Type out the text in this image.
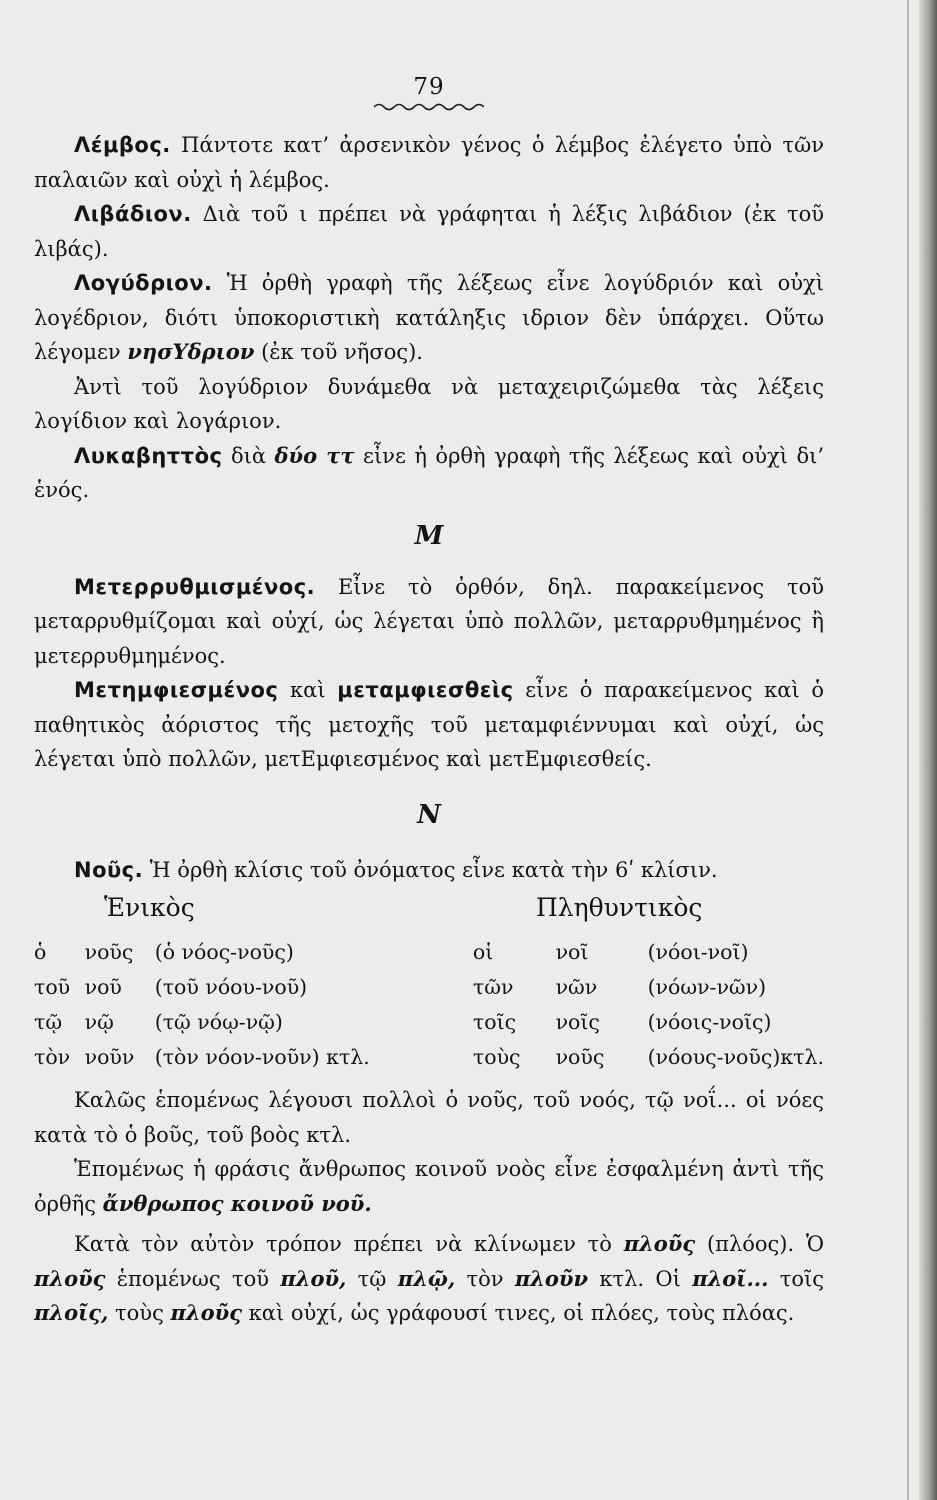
79

Λέμβος. Πάντοτε κατ’ ἀρσενικὸν γένος ὁ λέμβος ἐλέγετο ὑπὸ τῶν παλαιῶν καὶ οὐχὶ ἡ λέμβος.

Λιβάδιον. Διὰ τοῦ ι πρέπει νὰ γράφηται ἡ λέξις λιβάδιον (ἐκ τοῦ λιβάς).

Λογύδριον. Ἡ ὀρθὴ γραφὴ τῆς λέξεως εἶνε λογύδριόν καὶ οὐχὶ λογέδριον, διότι ὑποκοριστικὴ κατάληξις ιδριον δὲν ὑπάρχει. Οὕτω λέγομεν νησΥδριον (ἐκ τοῦ νῆσος).

Ἀντὶ τοῦ λογύδριον δυνάμεθα νὰ μεταχειριζώμεθα τὰς λέξεις λογίδιον καὶ λογάριον.

Λυκαβηττὸς διὰ δύο ττ εἶνε ἡ ὀρθὴ γραφὴ τῆς λέξεως καὶ οὐχὶ δι’ ἑνός.

Μ

Μετερρυθμισμένος. Εἶνε τὸ ὀρθόν, δηλ. παρακείμενος τοῦ μεταρρυθμίζομαι καὶ οὐχί, ὡς λέγεται ὑπὸ πολλῶν, μεταρρυθμημένος ἢ μετερρυθμημένος.

Μετημφιεσμένος καὶ μεταμφιεσθεὶς εἶνε ὁ παρακείμενος καὶ ὁ παθητικὸς ἀόριστος τῆς μετοχῆς τοῦ μεταμφιέννυμαι καὶ οὐχί, ὡς λέγεται ὑπὸ πολλῶν, μετΕμφιεσμένος καὶ μετΕμφιεσθείς.

Ν

Νοῦς. Ἡ ὀρθὴ κλίσις τοῦ ὀνόματος εἶνε κατὰ τὴν 6ʹ κλίσιν.

Ἑνικὸς	Πληθυντικὸς
ὁ	νοῦς	(ὁ νόος-νοῦς)	οἱ	νοῖ	(νόοι-νοῖ)
τοῦ	νοῦ	(τοῦ νόου-νοῦ)	τῶν	νῶν	(νόων-νῶν)
τῷ	νῷ	(τῷ νόῳ-νῷ)	τοῖς	νοῖς	(νόοις-νοῖς)
τὸν	νοῦν	(τὸν νόον-νοῦν) κτλ.	τοὺς	νοῦς	(νόους-νοῦς)κτλ.

Καλῶς ἑπομένως λέγουσι πολλοὶ ὁ νοῦς, τοῦ νοός, τῷ νοΐ... οἱ νόες κατὰ τὸ ὁ βοῦς, τοῦ βοὸς κτλ.

Ἑπομένως ἡ φράσις ἄνθρωπος κοινοῦ νοὸς εἶνε ἐσφαλμένη ἀντὶ τῆς ὀρθῆς ἄνθρωπος κοινοῦ νοῦ.

Κατὰ τὸν αὐτὸν τρόπον πρέπει νὰ κλίνωμεν τὸ πλοῦς (πλόος). Ὁ πλοῦς ἑπομένως τοῦ πλοῦ, τῷ πλῷ, τὸν πλοῦν κτλ. Οἱ πλοῖ... τοῖς πλοῖς, τοὺς πλοῦς καὶ οὐχί, ὡς γράφουσί τινες, οἱ πλόες, τοὺς πλόας.
